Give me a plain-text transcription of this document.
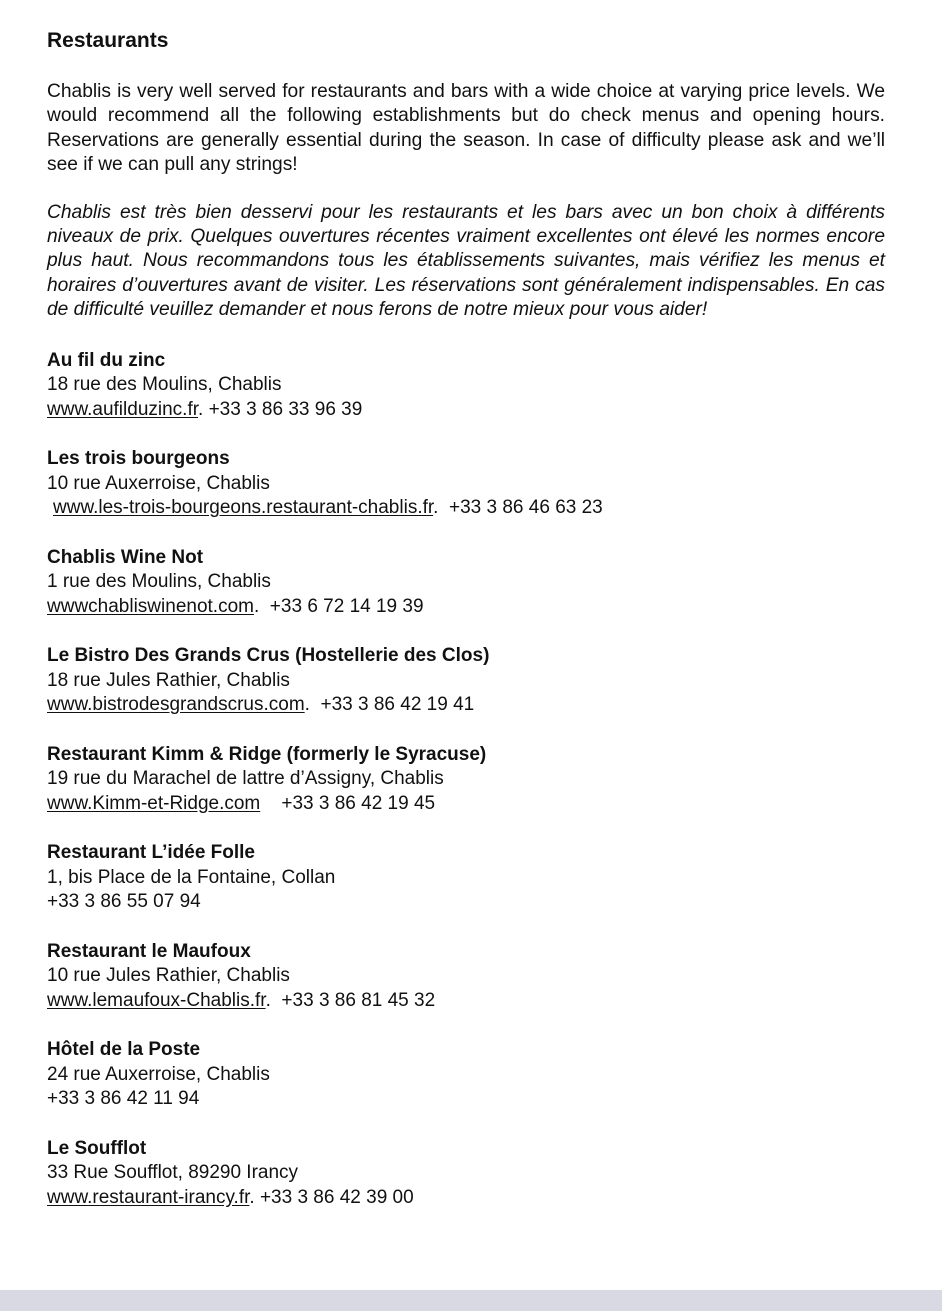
Restaurants

Chablis is very well served for restaurants and bars with a wide choice at varying price levels. We would recommend all the following establishments but do check menus and opening hours. Reservations are generally essential during the season. In case of difficulty please ask and we’ll see if we can pull any strings!

Chablis est très bien desservi pour les restaurants et les bars avec un bon choix à différents niveaux de prix. Quelques ouvertures récentes vraiment excellentes ont élevé les normes encore plus haut. Nous recommandons tous les établissements suivantes, mais vérifiez les menus et horaires d’ouvertures avant de visiter. Les réservations sont généralement indispensables. En cas de difficulté veuillez demander et nous ferons de notre mieux pour vous aider!

Au fil du zinc
18 rue des Moulins, Chablis
www.aufilduzinc.fr. +33 3 86 33 96 39
Les trois bourgeons
10 rue Auxerroise, Chablis
www.les-trois-bourgeons.restaurant-chablis.fr.  +33 3 86 46 63 23
Chablis Wine Not
1 rue des Moulins, Chablis
wwwchabliswinenot.com.  +33 6 72 14 19 39
Le Bistro Des Grands Crus (Hostellerie des Clos)
18 rue Jules Rathier, Chablis
www.bistrodesgrandscrus.com.  +33 3 86 42 19 41
Restaurant Kimm & Ridge (formerly le Syracuse)
19 rue du Marachel de lattre d’Assigny, Chablis
www.Kimm-et-Ridge.com    +33 3 86 42 19 45
Restaurant L’idée Folle
1, bis Place de la Fontaine, Collan
+33 3 86 55 07 94
Restaurant le Maufoux
10 rue Jules Rathier, Chablis
www.lemaufoux-Chablis.fr.  +33 3 86 81 45 32
Hôtel de la Poste
24 rue Auxerroise, Chablis
+33 3 86 42 11 94
Le Soufflot
33 Rue Soufflot, 89290 Irancy
www.restaurant-irancy.fr. +33 3 86 42 39 00
